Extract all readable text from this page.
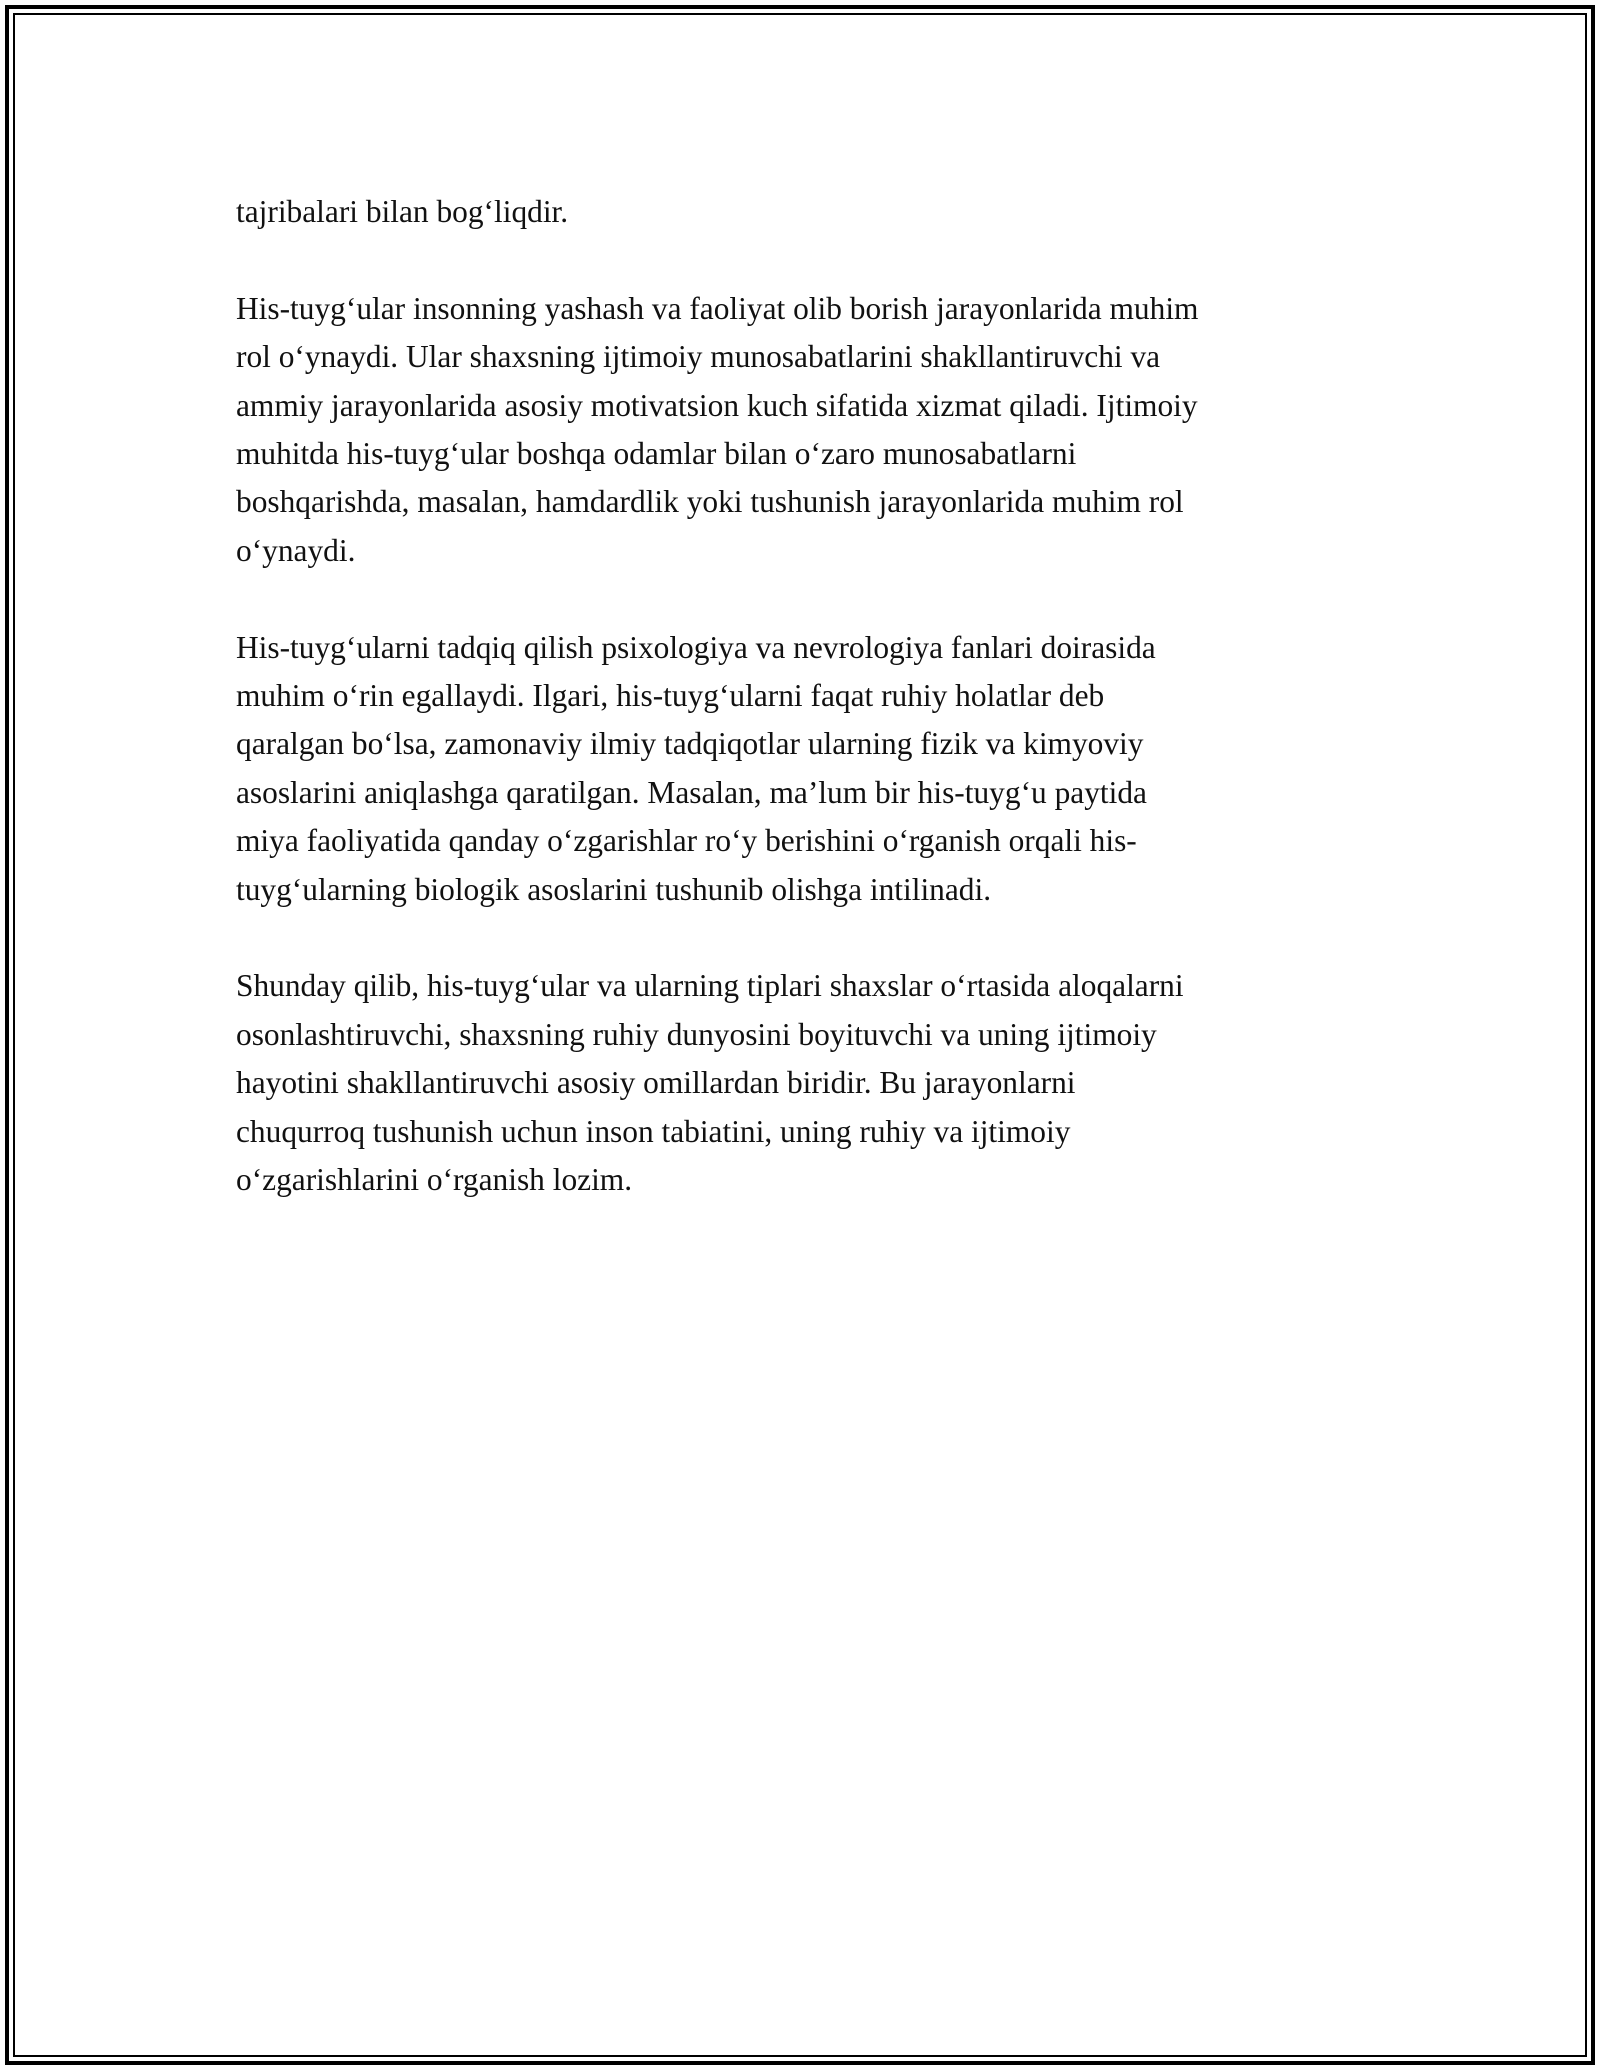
tajribalari bilan bog‘liqdir.

His-tuyg‘ular insonning yashash va faoliyat olib borish jarayonlarida muhim
rol o‘ynaydi. Ular shaxsning ijtimoiy munosabatlarini shakllantiruvchi va
ammiy jarayonlarida asosiy motivatsion kuch sifatida xizmat qiladi. Ijtimoiy
muhitda his-tuyg‘ular boshqa odamlar bilan o‘zaro munosabatlarni
boshqarishda, masalan, hamdardlik yoki tushunish jarayonlarida muhim rol
o‘ynaydi.

His-tuyg‘ularni tadqiq qilish psixologiya va nevrologiya fanlari doirasida
muhim o‘rin egallaydi. Ilgari, his-tuyg‘ularni faqat ruhiy holatlar deb
qaralgan bo‘lsa, zamonaviy ilmiy tadqiqotlar ularning fizik va kimyoviy
asoslarini aniqlashga qaratilgan. Masalan, ma’lum bir his-tuyg‘u paytida
miya faoliyatida qanday o‘zgarishlar ro‘y berishini o‘rganish orqali his-
tuyg‘ularning biologik asoslarini tushunib olishga intilinadi.

Shunday qilib, his-tuyg‘ular va ularning tiplari shaxslar o‘rtasida aloqalarni
osonlashtiruvchi, shaxsning ruhiy dunyosini boyituvchi va uning ijtimoiy
hayotini shakllantiruvchi asosiy omillardan biridir. Bu jarayonlarni
chuqurroq tushunish uchun inson tabiatini, uning ruhiy va ijtimoiy
o‘zgarishlarini o‘rganish lozim.
